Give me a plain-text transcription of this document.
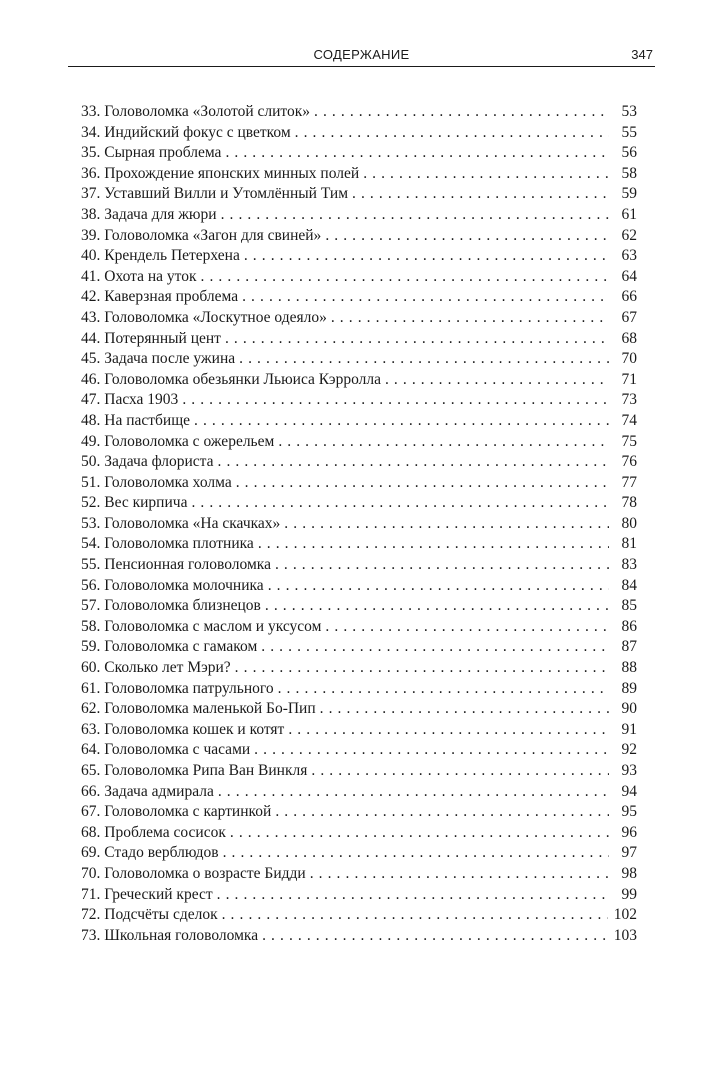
СОДЕРЖАНИЕ	347
33. Головоломка «Золотой слиток» . . .	53
34. Индийский фокус с цветком . . .	55
35. Сырная проблема . . .	56
36. Прохождение японских минных полей . . .	58
37. Уставший Вилли и Утомлённый Тим . . .	59
38. Задача для жюри . . .	61
39. Головоломка «Загон для свиней» . . .	62
40. Крендель Петерхена . . .	63
41. Охота на уток . . .	64
42. Каверзная проблема . . .	66
43. Головоломка «Лоскутное одеяло» . . .	67
44. Потерянный цент . . .	68
45. Задача после ужина . . .	70
46. Головоломка обезьянки Льюиса Кэрролла . . .	71
47. Пасха 1903 . . .	73
48. На пастбище . . .	74
49. Головоломка с ожерельем . . .	75
50. Задача флориста . . .	76
51. Головоломка холма . . .	77
52. Вес кирпича . . .	78
53. Головоломка «На скачках» . . .	80
54. Головоломка плотника . . .	81
55. Пенсионная головоломка . . .	83
56. Головоломка молочника . . .	84
57. Головоломка близнецов . . .	85
58. Головоломка с маслом и уксусом . . .	86
59. Головоломка с гамаком . . .	87
60. Сколько лет Мэри? . . .	88
61. Головоломка патрульного . . .	89
62. Головоломка маленькой Бо-Пип . . .	90
63. Головоломка кошек и котят . . .	91
64. Головоломка с часами . . .	92
65. Головоломка Рипа Ван Винкля . . .	93
66. Задача адмирала . . .	94
67. Головоломка с картинкой . . .	95
68. Проблема сосисок . . .	96
69. Стадо верблюдов . . .	97
70. Головоломка о возрасте Бидди . . .	98
71. Греческий крест . . .	99
72. Подсчёты сделок . . .	102
73. Школьная головоломка . . .	103
